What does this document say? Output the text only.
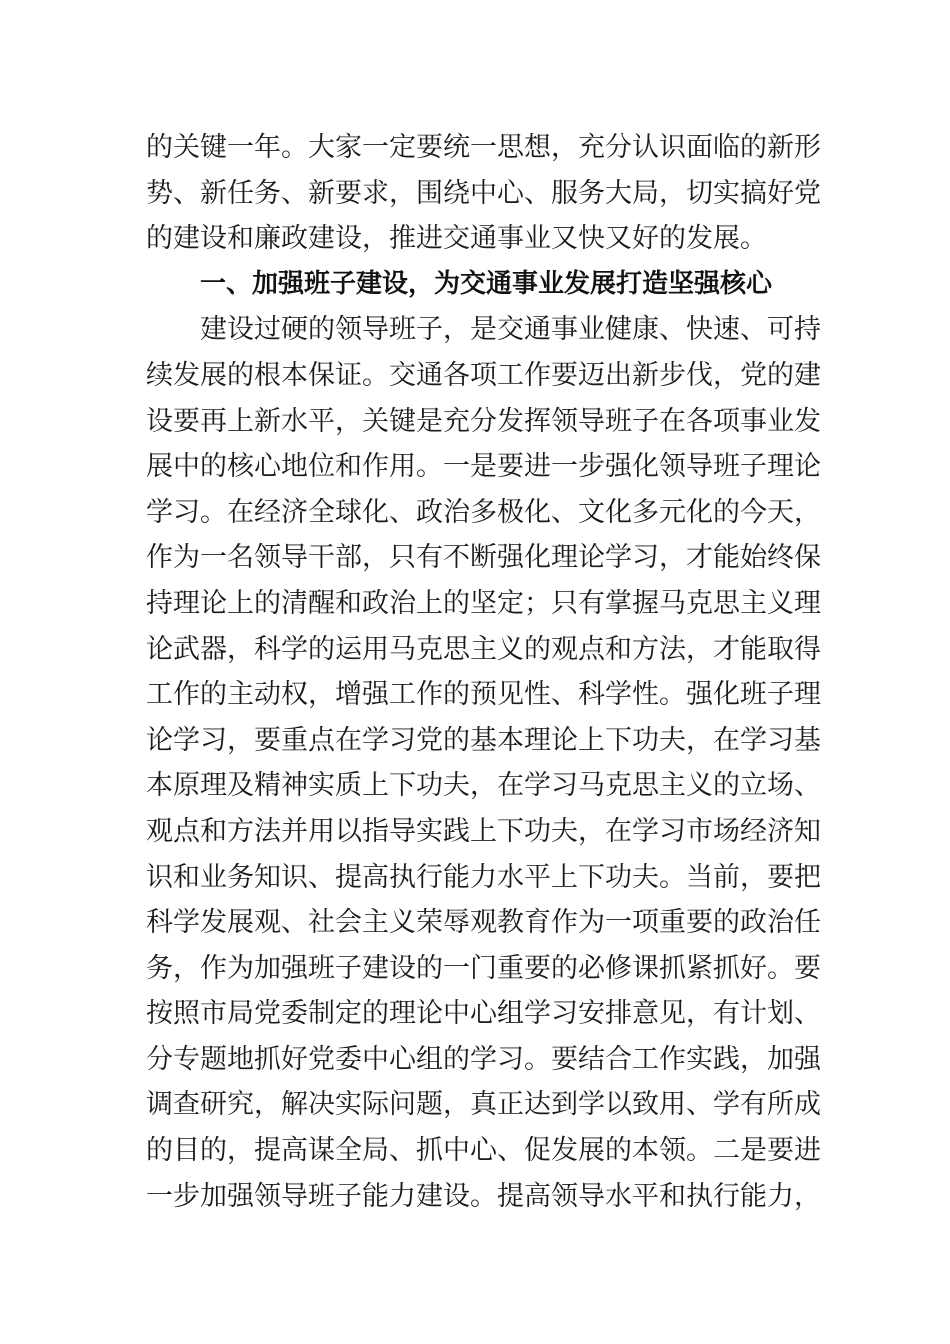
的关键一年。大家一定要统一思想，充分认识面临的新形
势、新任务、新要求，围绕中心、服务大局，切实搞好党
的建设和廉政建设，推进交通事业又快又好的发展。
一、加强班子建设，为交通事业发展打造坚强核心
建设过硬的领导班子，是交通事业健康、快速、可持
续发展的根本保证。交通各项工作要迈出新步伐，党的建
设要再上新水平，关键是充分发挥领导班子在各项事业发
展中的核心地位和作用。一是要进一步强化领导班子理论
学习。在经济全球化、政治多极化、文化多元化的今天，
作为一名领导干部，只有不断强化理论学习，才能始终保
持理论上的清醒和政治上的坚定；只有掌握马克思主义理
论武器，科学的运用马克思主义的观点和方法，才能取得
工作的主动权，增强工作的预见性、科学性。强化班子理
论学习，要重点在学习党的基本理论上下功夫，在学习基
本原理及精神实质上下功夫，在学习马克思主义的立场、
观点和方法并用以指导实践上下功夫，在学习市场经济知
识和业务知识、提高执行能力水平上下功夫。当前，要把
科学发展观、社会主义荣辱观教育作为一项重要的政治任
务，作为加强班子建设的一门重要的必修课抓紧抓好。要
按照市局党委制定的理论中心组学习安排意见，有计划、
分专题地抓好党委中心组的学习。要结合工作实践，加强
调查研究，解决实际问题，真正达到学以致用、学有所成
的目的，提高谋全局、抓中心、促发展的本领。二是要进
一步加强领导班子能力建设。提高领导水平和执行能力，
